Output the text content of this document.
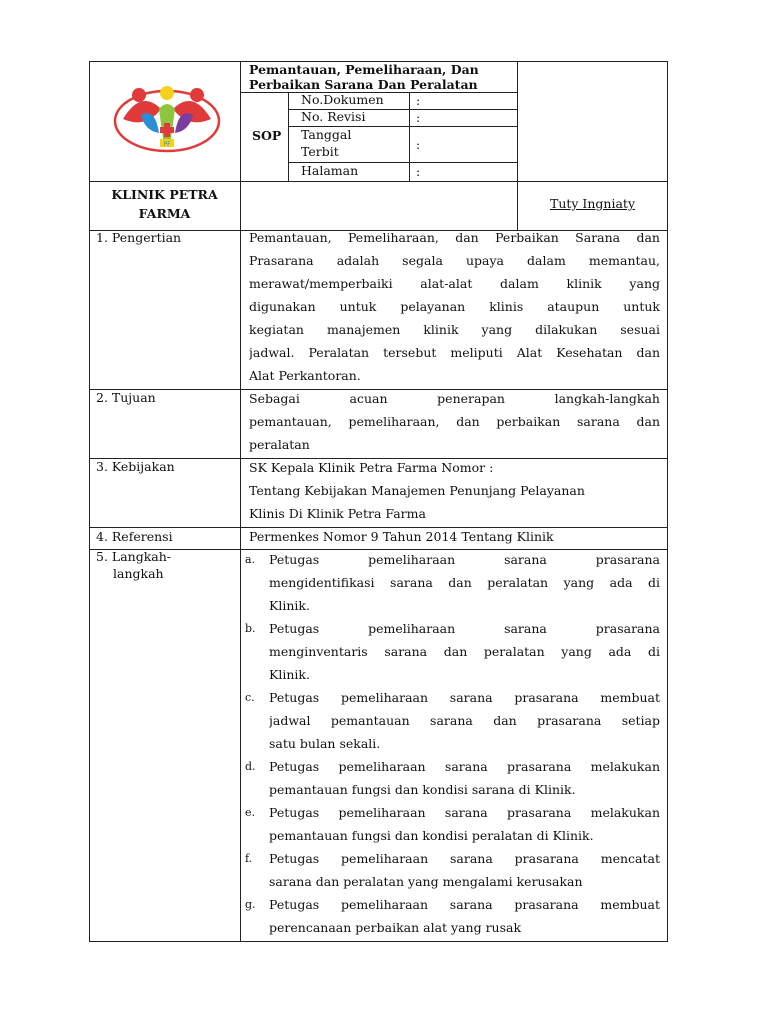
PF
Pemantauan, Pemeliharaan, Dan
Perbaikan Sarana Dan Peralatan
SOP
No.Dokumen	:
No. Revisi	:
Tanggal
Terbit	:
Halaman	:
KLINIK PETRA
FARMA
Tuty Ingniaty
1. Pengertian	Pemantauan, Pemeliharaan, dan Perbaikan Sarana dan
Prasarana adalah segala upaya dalam memantau,
merawat/memperbaiki alat-alat dalam klinik yang
digunakan untuk pelayanan klinis ataupun untuk
kegiatan manajemen klinik yang dilakukan sesuai
jadwal. Peralatan tersebut meliputi Alat Kesehatan dan
Alat Perkantoran.
2. Tujuan	Sebagai acuan penerapan langkah-langkah
pemantauan, pemeliharaan, dan perbaikan sarana dan
peralatan
3. Kebijakan	SK Kepala Klinik Petra Farma Nomor :
Tentang Kebijakan Manajemen Penunjang Pelayanan
Klinis Di Klinik Petra Farma
4. Referensi	Permenkes Nomor 9 Tahun 2014 Tentang Klinik
5. Langkah-
langkah
a. Petugas pemeliharaan sarana prasarana
mengidentifikasi sarana dan peralatan yang ada di
Klinik.
b. Petugas pemeliharaan sarana prasarana
menginventaris sarana dan peralatan yang ada di
Klinik.
c. Petugas pemeliharaan sarana prasarana membuat
jadwal pemantauan sarana dan prasarana setiap
satu bulan sekali.
d. Petugas pemeliharaan sarana prasarana melakukan
pemantauan fungsi dan kondisi sarana di Klinik.
e. Petugas pemeliharaan sarana prasarana melakukan
pemantauan fungsi dan kondisi peralatan di Klinik.
f. Petugas pemeliharaan sarana prasarana mencatat
sarana dan peralatan yang mengalami kerusakan
g. Petugas pemeliharaan sarana prasarana membuat
perencanaan perbaikan alat yang rusak
